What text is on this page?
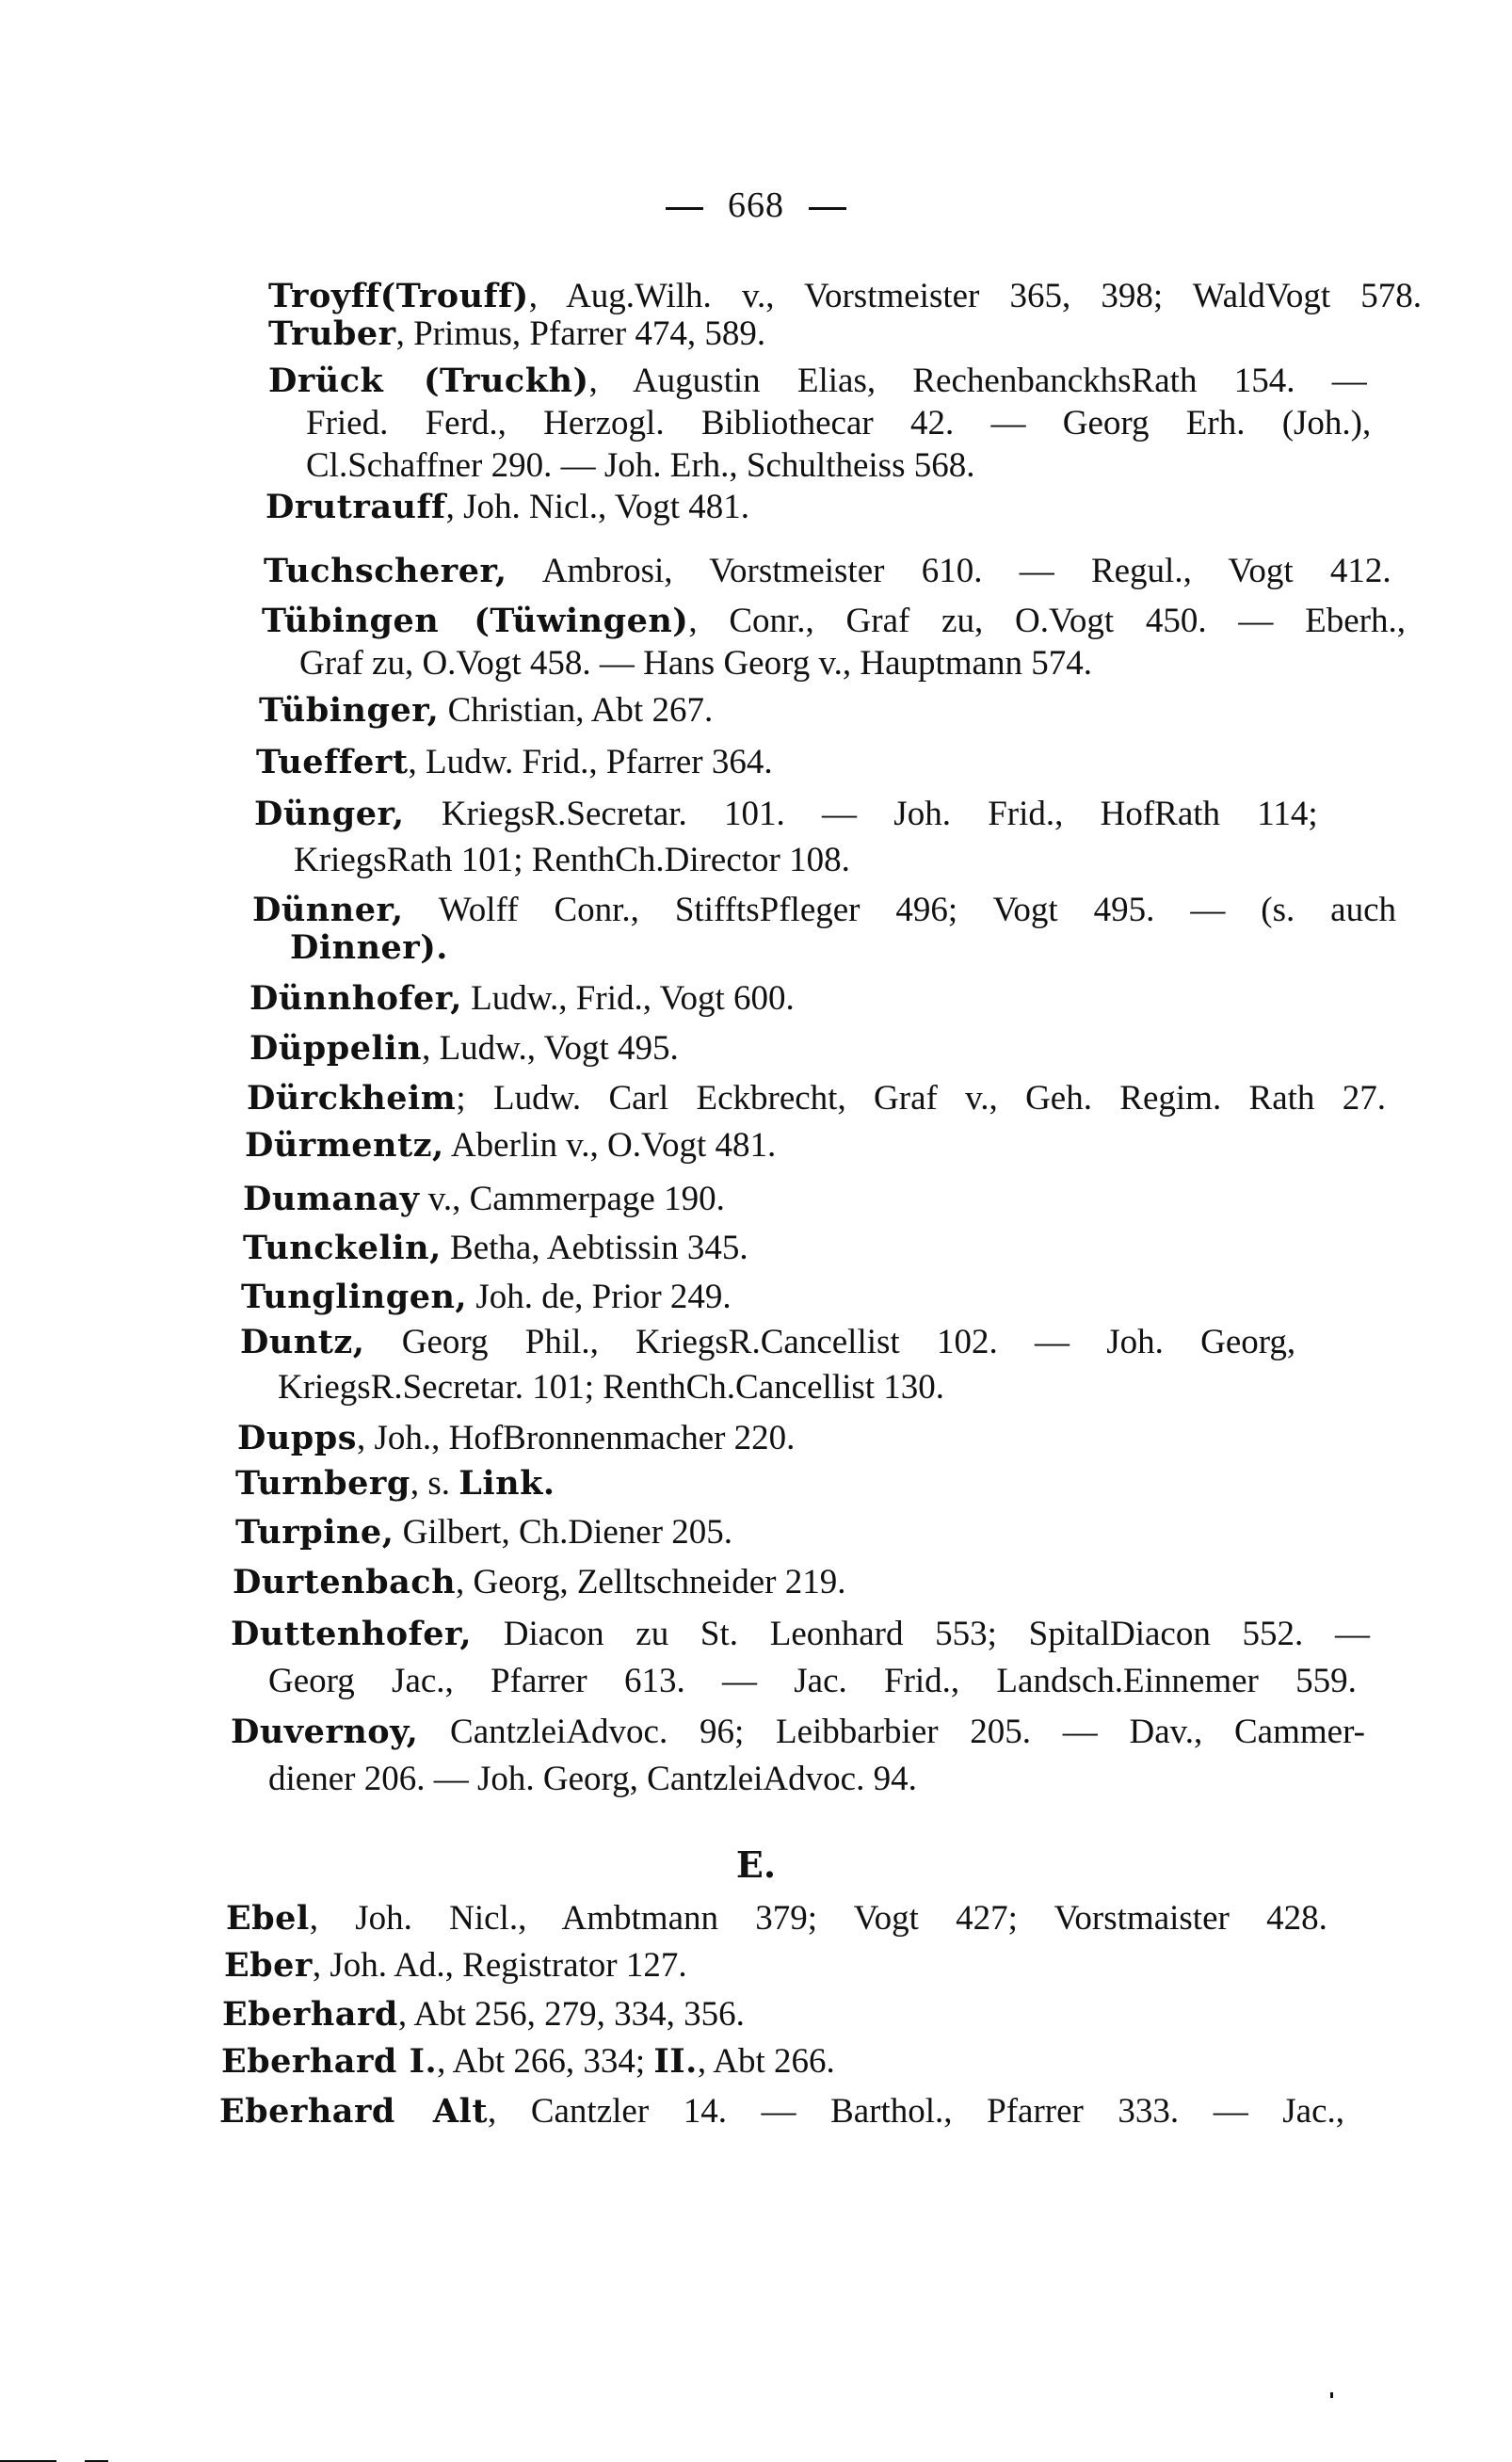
668
Troyff(Trouff), Aug.Wilh. v., Vorstmeister 365, 398; WaldVogt 578.
Truber, Primus, Pfarrer 474, 589.
Drück (Truckh), Augustin Elias, RechenbanckhsRath 154. —
Fried. Ferd., Herzogl. Bibliothecar 42. — Georg Erh. (Joh.),
Cl.Schaffner 290. — Joh. Erh., Schultheiss 568.
Drutrauff, Joh. Nicl., Vogt 481.
Tuchscherer, Ambrosi, Vorstmeister 610. — Regul., Vogt 412.
Tübingen (Tüwingen), Conr., Graf zu, O.Vogt 450. — Eberh.,
Graf zu, O.Vogt 458. — Hans Georg v., Hauptmann 574.
Tübinger, Christian, Abt 267.
Tueffert, Ludw. Frid., Pfarrer 364.
Dünger, KriegsR.Secretar. 101. — Joh. Frid., HofRath 114;
KriegsRath 101; RenthCh.Director 108.
Dünner, Wolff Conr., StifftsPfleger 496; Vogt 495. — (s. auch
Dinner).
Dünnhofer, Ludw., Frid., Vogt 600.
Düppelin, Ludw., Vogt 495.
Dürckheim; Ludw. Carl Eckbrecht, Graf v., Geh. Regim. Rath 27.
Dürmentz, Aberlin v., O.Vogt 481.
Dumanay v., Cammerpage 190.
Tunckelin, Betha, Aebtissin 345.
Tunglingen, Joh. de, Prior 249.
Duntz, Georg Phil., KriegsR.Cancellist 102. — Joh. Georg,
KriegsR.Secretar. 101; RenthCh.Cancellist 130.
Dupps, Joh., HofBronnenmacher 220.
Turnberg, s. Link.
Turpine, Gilbert, Ch.Diener 205.
Durtenbach, Georg, Zelltschneider 219.
Duttenhofer, Diacon zu St. Leonhard 553; SpitalDiacon 552. —
Georg Jac., Pfarrer 613. — Jac. Frid., Landsch.Einnemer 559.
Duvernoy, CantzleiAdvoc. 96; Leibbarbier 205. — Dav., Cammer-
diener 206. — Joh. Georg, CantzleiAdvoc. 94.
Ebel, Joh. Nicl., Ambtmann 379; Vogt 427; Vorstmaister 428.
Eber, Joh. Ad., Registrator 127.
Eberhard, Abt 256, 279, 334, 356.
Eberhard I., Abt 266, 334; II., Abt 266.
Eberhard Alt, Cantzler 14. — Barthol., Pfarrer 333. — Jac.,
E.
